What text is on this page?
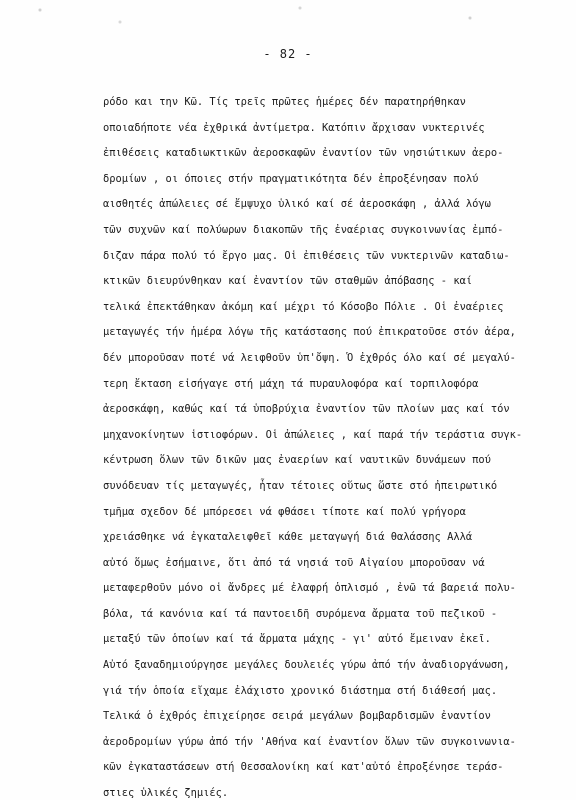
- 82 -
ρόδο και την Κῶ. Τίς τρεῖς πρῶτες ἡμέρες δέν παρατηρήθηκαν
οποιαδήποτε νέα ἐχθρικά ἀντίμετρα. Κατόπιν ἄρχισαν νυκτερινές
ἐπιθέσεις καταδιωκτικῶν ἀεροσκαφῶν ἐναντίον τῶν νησιώτικων ἀερο-
δρομίων , οι όποιες στήν πραγματικότητα δέν ἐπροξένησαν πολύ
αισθητές ἀπώλειες σέ ἔμψυχο ὑλικό καί σέ ἀεροσκάφη , ἀλλά λόγω
τῶν συχνῶν καί πολύωρων διακοπῶν τῆς ἐναέριας συγκοινωνίας ἐμπό-
διζαν πάρα πολύ τό ἔργο μας. Οἱ ἐπιθέσεις τῶν νυκτερινῶν καταδιω-
κτικῶν διευρύνθηκαν καί ἐναντίον τῶν σταθμῶν ἀπόβασης - καί
τελικά ἐπεκτάθηκαν ἀκόμη καί μέχρι τό Κόσοβο Πόλιε . Οἱ ἐναέριες
μεταγωγές τήν ἡμέρα λόγω τῆς κατάστασης πού ἐπικρατοῦσε στόν ἀέρα,
δέν μποροῦσαν ποτέ νά λειφθοῦν ὑπ'ὄψη. Ὁ ἐχθρός όλο καί σέ μεγαλύ-
τερη ἔκταση εἰσήγαγε στή μάχη τά πυραυλοφόρα καί τορπιλοφόρα
ἀεροσκάφη, καθώς καί τά ὑποβρύχια ἐναντίον τῶν πλοίων μας καί τόν
μηχανοκίνητων ἱστιοφόρων. Οἱ ἀπώλειες , καί παρά τήν τεράστια συγκ-
κέντρωση ὅλων τῶν δικῶν μας ἐναερίων καί ναυτικῶν δυνάμεων πού
συνόδευαν τίς μεταγωγές, ἦταν τέτοιες οὕτως ὥστε στό ἠπειρωτικό
τμῆμα σχεδον δέ μπόρεσει νά φθάσει τίποτε καί πολύ γρήγορα
χρειάσθηκε νά ἐγκαταλειφθεῖ κάθε μεταγωγή διά θαλάσσης Αλλά
αὐτό ὅμως ἐσήμαινε, ὅτι ἀπό τά νησιά τοῦ Αἰγαίου μποροῦσαν νά
μεταφερθοῦν μόνο οἱ ἄνδρες μέ ἐλαφρή ὁπλισμό , ἐνῶ τά βαρειά πολυ-
βόλα, τά κανόνια καί τά παντοειδῆ συρόμενα ἄρματα τοῦ πεζικοῦ -
μεταξύ τῶν ὁποίων καί τά ἄρματα μάχης - γι' αὐτό ἔμειναν ἐκεῖ.
Αὐτό ξαναδημιούργησε μεγάλες δουλειές γύρω ἀπό τήν ἀναδιοργάνωση,
γιά τήν ὁποία εἴχαμε ἐλάχιστο χρονικό διάστημα στή διάθεσή μας.
Τελικά ὁ ἐχθρός ἐπιχείρησε σειρά μεγάλων βομβαρδισμῶν ἐναντίον
ἀεροδρομίων γύρω ἀπό τήν 'Αθήνα καί ἐναντίον ὅλων τῶν συγκοινωνια-
κῶν ἐγκαταστάσεων στή Θεσσαλονίκη καί κατ'αὐτό ἐπροξένησε τεράσ-
στιες ὑλικές ζημιές.
